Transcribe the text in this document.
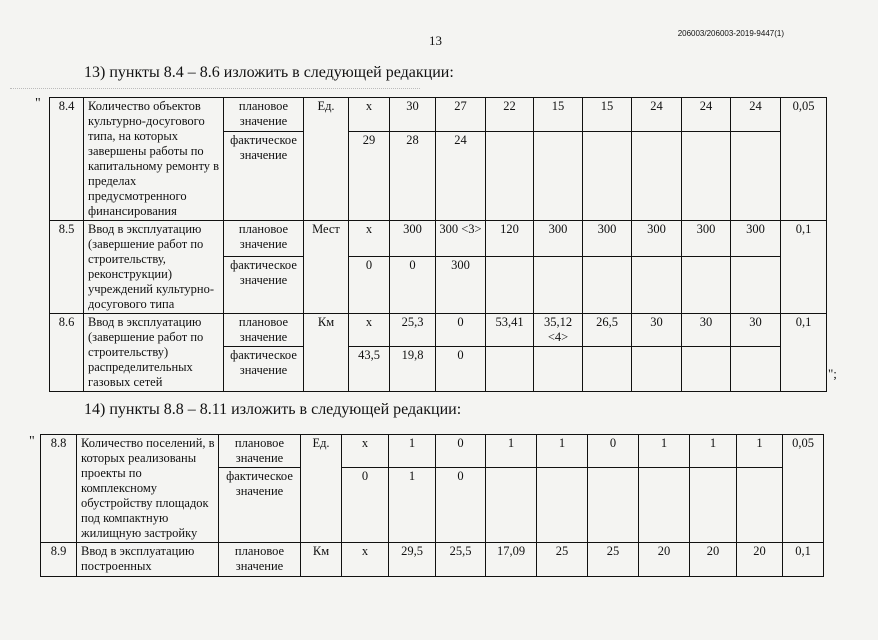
13	206003/206003-2019-9447(1)
13) пункты 8.4 – 8.6 изложить в следующей редакции:
" 8.4	Количество объектов культурно-досугового типа, на которых завершены работы по капитальному ремонту в пределах предусмотренного финансирования	плановое значение	Ед.	х	30	27	22	15	15	24	24	24	0,05
		фактическое значение		29	28	24							
8.5	Ввод в эксплуатацию (завершение работ по строительству, реконструкции) учреждений культурно-досугового типа	плановое значение	Мест	х	300	300 <3>	120	300	300	300	300	300	0,1
		фактическое значение		0	0	300							
8.6	Ввод в эксплуатацию (завершение работ по строительству) распределительных газовых сетей	плановое значение	Км	х	25,3	0	53,41	35,12 <4>	26,5	30	30	30	0,1
		фактическое значение		43,5	19,8	0							
";
14) пункты 8.8 – 8.11 изложить в следующей редакции:
" 8.8	Количество поселений, в которых реализованы проекты по комплексному обустройству площадок под компактную жилищную застройку	плановое значение	Ед.	х	1	0	1	1	0	1	1	1	0,05
		фактическое значение		0	1	0							
8.9	Ввод в эксплуатацию построенных	плановое значение	Км	х	29,5	25,5	17,09	25	25	20	20	20	0,1
